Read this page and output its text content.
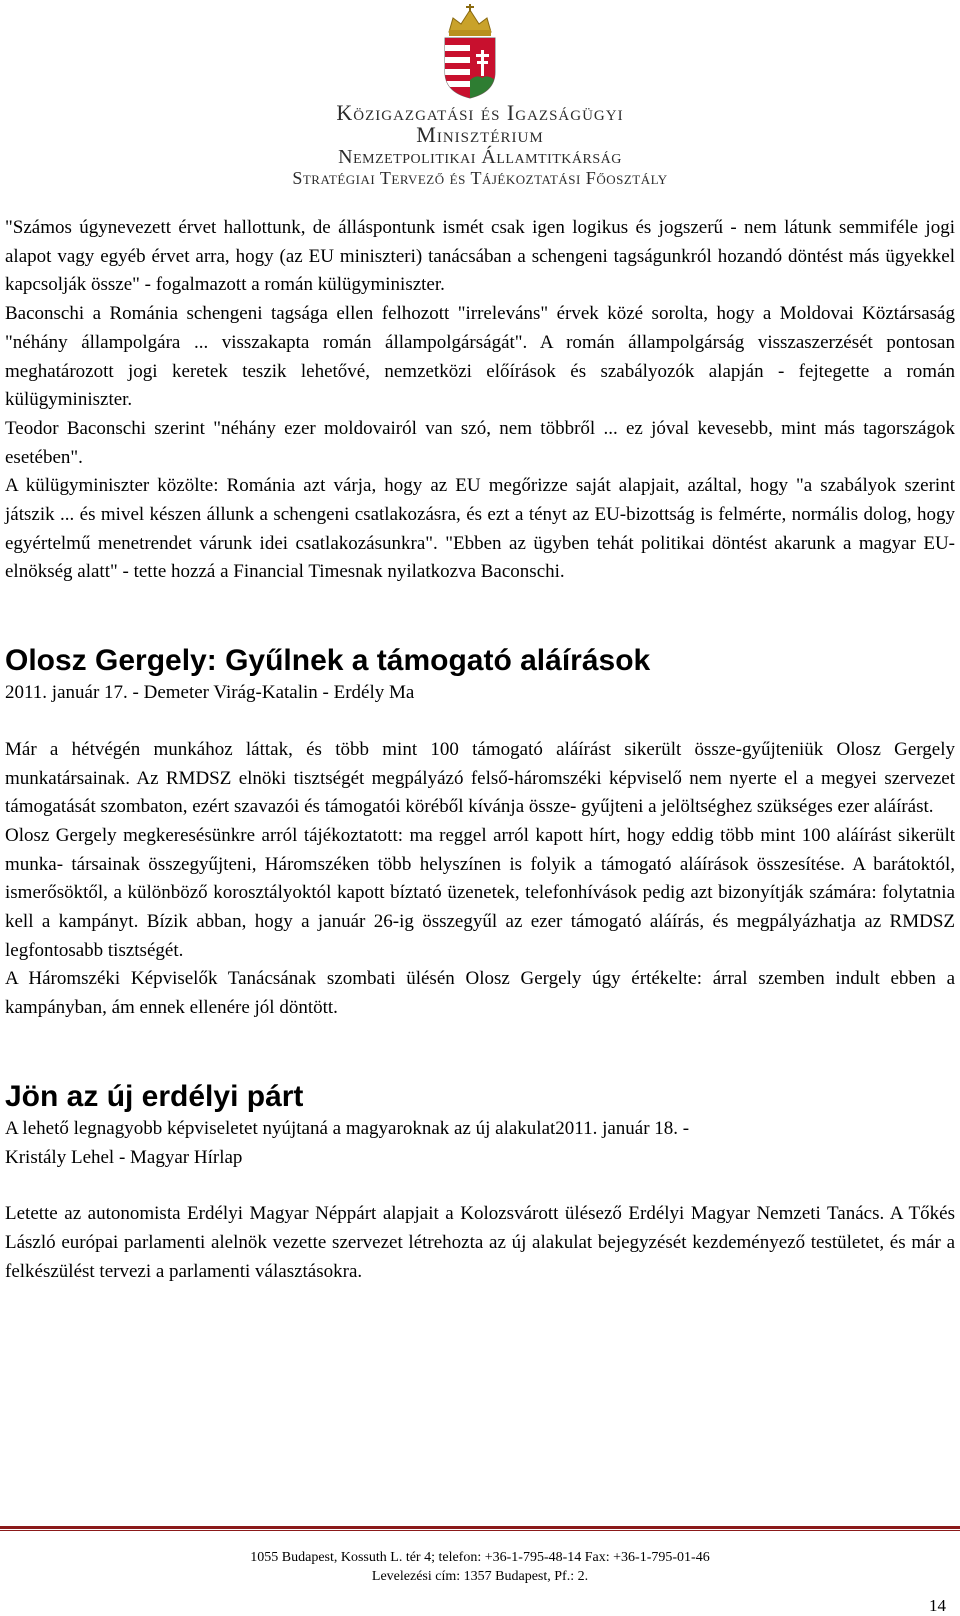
Közigazgatási és Igazságügyi
Minisztérium
Nemzetpolitikai Államtitkárság
Stratégiai Tervező és Tájékoztatási Főosztály

"Számos úgynevezett érvet hallottunk, de álláspontunk ismét csak igen logikus és jogszerű - nem látunk semmiféle jogi alapot vagy egyéb érvet arra, hogy (az EU miniszteri) tanácsában a schengeni tagságunkról hozandó döntést más ügyekkel kapcsolják össze" - fogalmazott a román külügyminiszter.

Baconschi a Románia schengeni tagsága ellen felhozott "irreleváns" érvek közé sorolta, hogy a Moldovai Köztársaság "néhány állampolgára ... visszakapta román állampolgárságát". A román állampolgárság visszaszerzését pontosan meghatározott jogi keretek teszik lehetővé, nemzetközi előírások és szabályozók alapján - fejtegette a román külügyminiszter.

Teodor Baconschi szerint "néhány ezer moldovairól van szó, nem többről ... ez jóval kevesebb, mint más tagországok esetében".

A külügyminiszter közölte: Románia azt várja, hogy az EU megőrizze saját alapjait, azáltal, hogy "a szabályok szerint játszik ... és mivel készen állunk a schengeni csatlakozásra, és ezt a tényt az EU-bizottság is felmérte, normális dolog, hogy egyértelmű menetrendet várunk idei csatlakozásunkra". "Ebben az ügyben tehát politikai döntést akarunk a magyar EU-elnökség alatt" - tette hozzá a Financial Timesnak nyilatkozva Baconschi.

Olosz Gergely: Gyűlnek a támogató aláírások

2011. január 17. - Demeter Virág-Katalin - Erdély Ma

Már a hétvégén munkához láttak, és több mint 100 támogató aláírást sikerült össze-gyűjteniük Olosz Gergely munkatársainak. Az RMDSZ elnöki tisztségét megpályázó felső-háromszéki képviselő nem nyerte el a megyei szervezet támogatását szombaton, ezért szavazói és támogatói köréből kívánja össze- gyűjteni a jelöltséghez szükséges ezer aláírást.

Olosz Gergely megkeresésünkre arról tájékoztatott: ma reggel arról kapott hírt, hogy eddig több mint 100 aláírást sikerült munka- társainak összegyűjteni, Háromszéken több helyszínen is folyik a támogató aláírások összesítése. A barátoktól, ismerősöktől, a különböző korosztályoktól kapott bíztató üzenetek, telefonhívások pedig azt bizonyítják számára: folytatnia kell a kampányt. Bízik abban, hogy a január 26-ig összegyűl az ezer támogató aláírás, és megpályázhatja az RMDSZ legfontosabb tisztségét.

A Háromszéki Képviselők Tanácsának szombati ülésén Olosz Gergely úgy értékelte: árral szemben indult ebben a kampányban, ám ennek ellenére jól döntött.

Jön az új erdélyi párt

A lehető legnagyobb képviseletet nyújtaná a magyaroknak az új alakulat2011. január 18. -
Kristály Lehel - Magyar Hírlap

Letette az autonomista Erdélyi Magyar Néppárt alapjait a Kolozsvárott ülésező Erdélyi Magyar Nemzeti Tanács. A Tőkés László európai parlamenti alelnök vezette szervezet létrehozta az új alakulat bejegyzését kezdeményező testületet, és már a felkészülést tervezi a parlamenti választásokra.

1055 Budapest, Kossuth L. tér 4; telefon: +36-1-795-48-14 Fax: +36-1-795-01-46
Levelezési cím: 1357 Budapest, Pf.: 2.
14
